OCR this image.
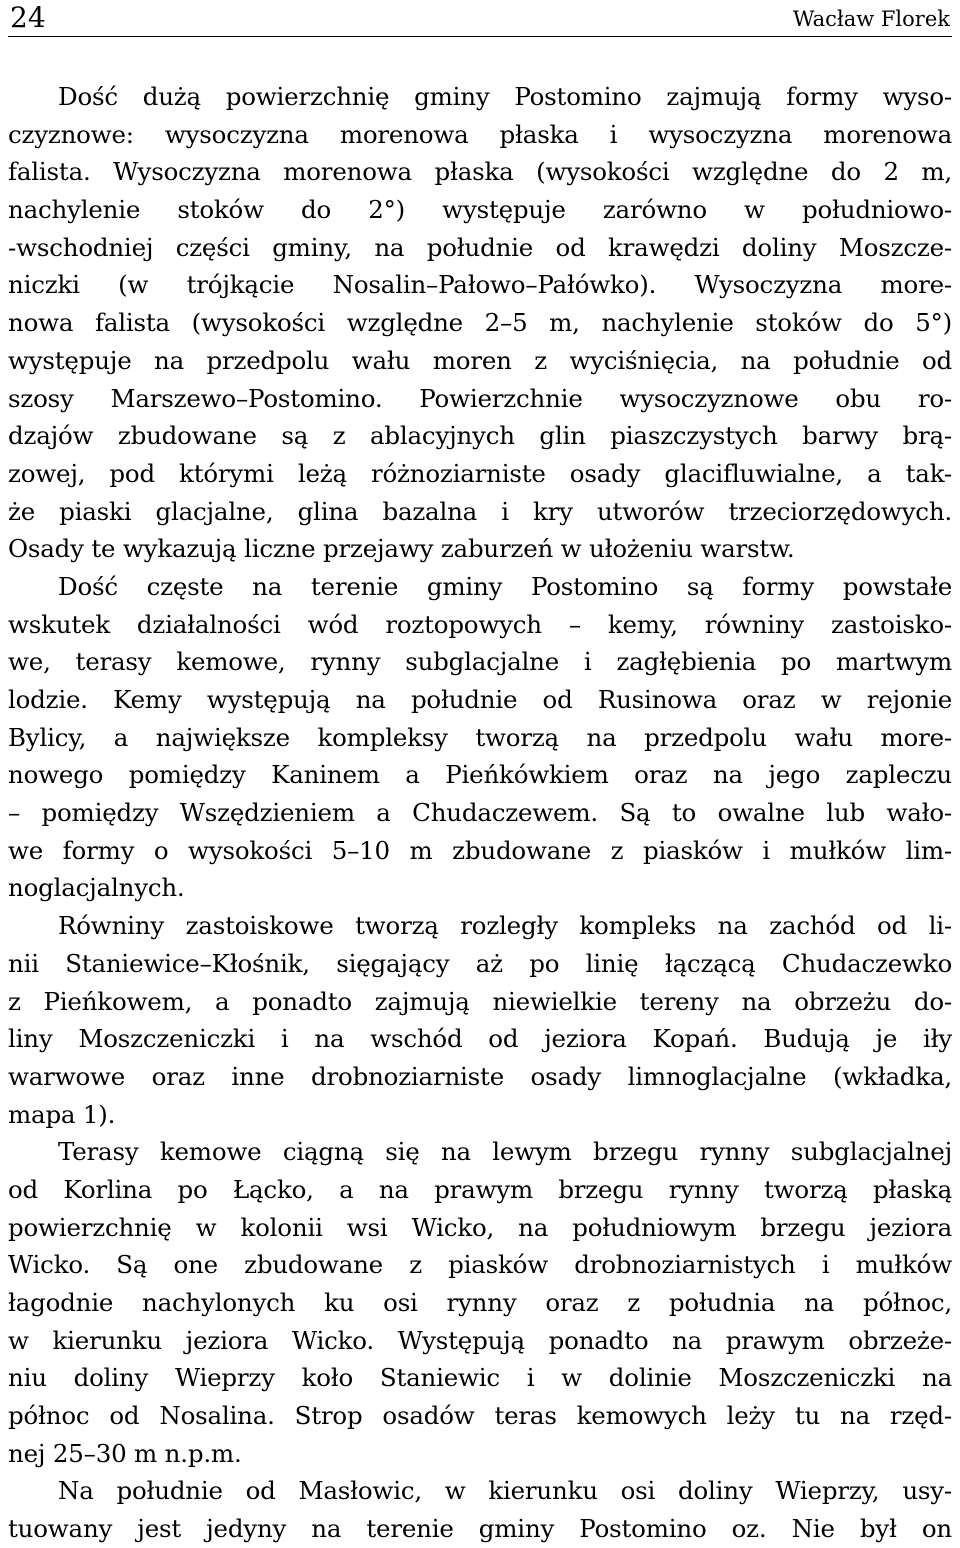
24	Wacław Florek
Dość dużą powierzchnię gminy Postomino zajmują formy wyso-
czyznowe: wysoczyzna morenowa płaska i wysoczyzna morenowa
falista. Wysoczyzna morenowa płaska (wysokości względne do 2 m,
nachylenie stoków do 2°) występuje zarówno w południowo-
-wschodniej części gminy, na południe od krawędzi doliny Moszcze-
niczki (w trójkącie Nosalin–Pałowo–Pałówko). Wysoczyzna more-
nowa falista (wysokości względne 2–5 m, nachylenie stoków do 5°)
występuje na przedpolu wału moren z wyciśnięcia, na południe od
szosy Marszewo–Postomino. Powierzchnie wysoczyznowe obu ro-
dzajów zbudowane są z ablacyjnych glin piaszczystych barwy brą-
zowej, pod którymi leżą różnoziarniste osady glacifluwialne, a tak-
że piaski glacjalne, glina bazalna i kry utworów trzeciorzędowych.
Osady te wykazują liczne przejawy zaburzeń w ułożeniu warstw.
Dość częste na terenie gminy Postomino są formy powstałe
wskutek działalności wód roztopowych – kemy, równiny zastoisko-
we, terasy kemowe, rynny subglacjalne i zagłębienia po martwym
lodzie. Kemy występują na południe od Rusinowa oraz w rejonie
Bylicy, a największe kompleksy tworzą na przedpolu wału more-
nowego pomiędzy Kaninem a Pieńkówkiem oraz na jego zapleczu
– pomiędzy Wszędzieniem a Chudaczewem. Są to owalne lub wało-
we formy o wysokości 5–10 m zbudowane z piasków i mułków lim-
noglacjalnych.
Równiny zastoiskowe tworzą rozległy kompleks na zachód od li-
nii Staniewice–Kłośnik, sięgający aż po linię łączącą Chudaczewko
z Pieńkowem, a ponadto zajmują niewielkie tereny na obrzeżu do-
liny Moszczeniczki i na wschód od jeziora Kopań. Budują je iły
warwowe oraz inne drobnoziarniste osady limnoglacjalne (wkładka,
mapa 1).
Terasy kemowe ciągną się na lewym brzegu rynny subglacjalnej
od Korlina po Łącko, a na prawym brzegu rynny tworzą płaską
powierzchnię w kolonii wsi Wicko, na południowym brzegu jeziora
Wicko. Są one zbudowane z piasków drobnoziarnistych i mułków
łagodnie nachylonych ku osi rynny oraz z południa na północ,
w kierunku jeziora Wicko. Występują ponadto na prawym obrzeże-
niu doliny Wieprzy koło Staniewic i w dolinie Moszczeniczki na
północ od Nosalina. Strop osadów teras kemowych leży tu na rzęd-
nej 25–30 m n.p.m.
Na południe od Masłowic, w kierunku osi doliny Wieprzy, usy-
tuowany jest jedyny na terenie gminy Postomino oz. Nie był on
